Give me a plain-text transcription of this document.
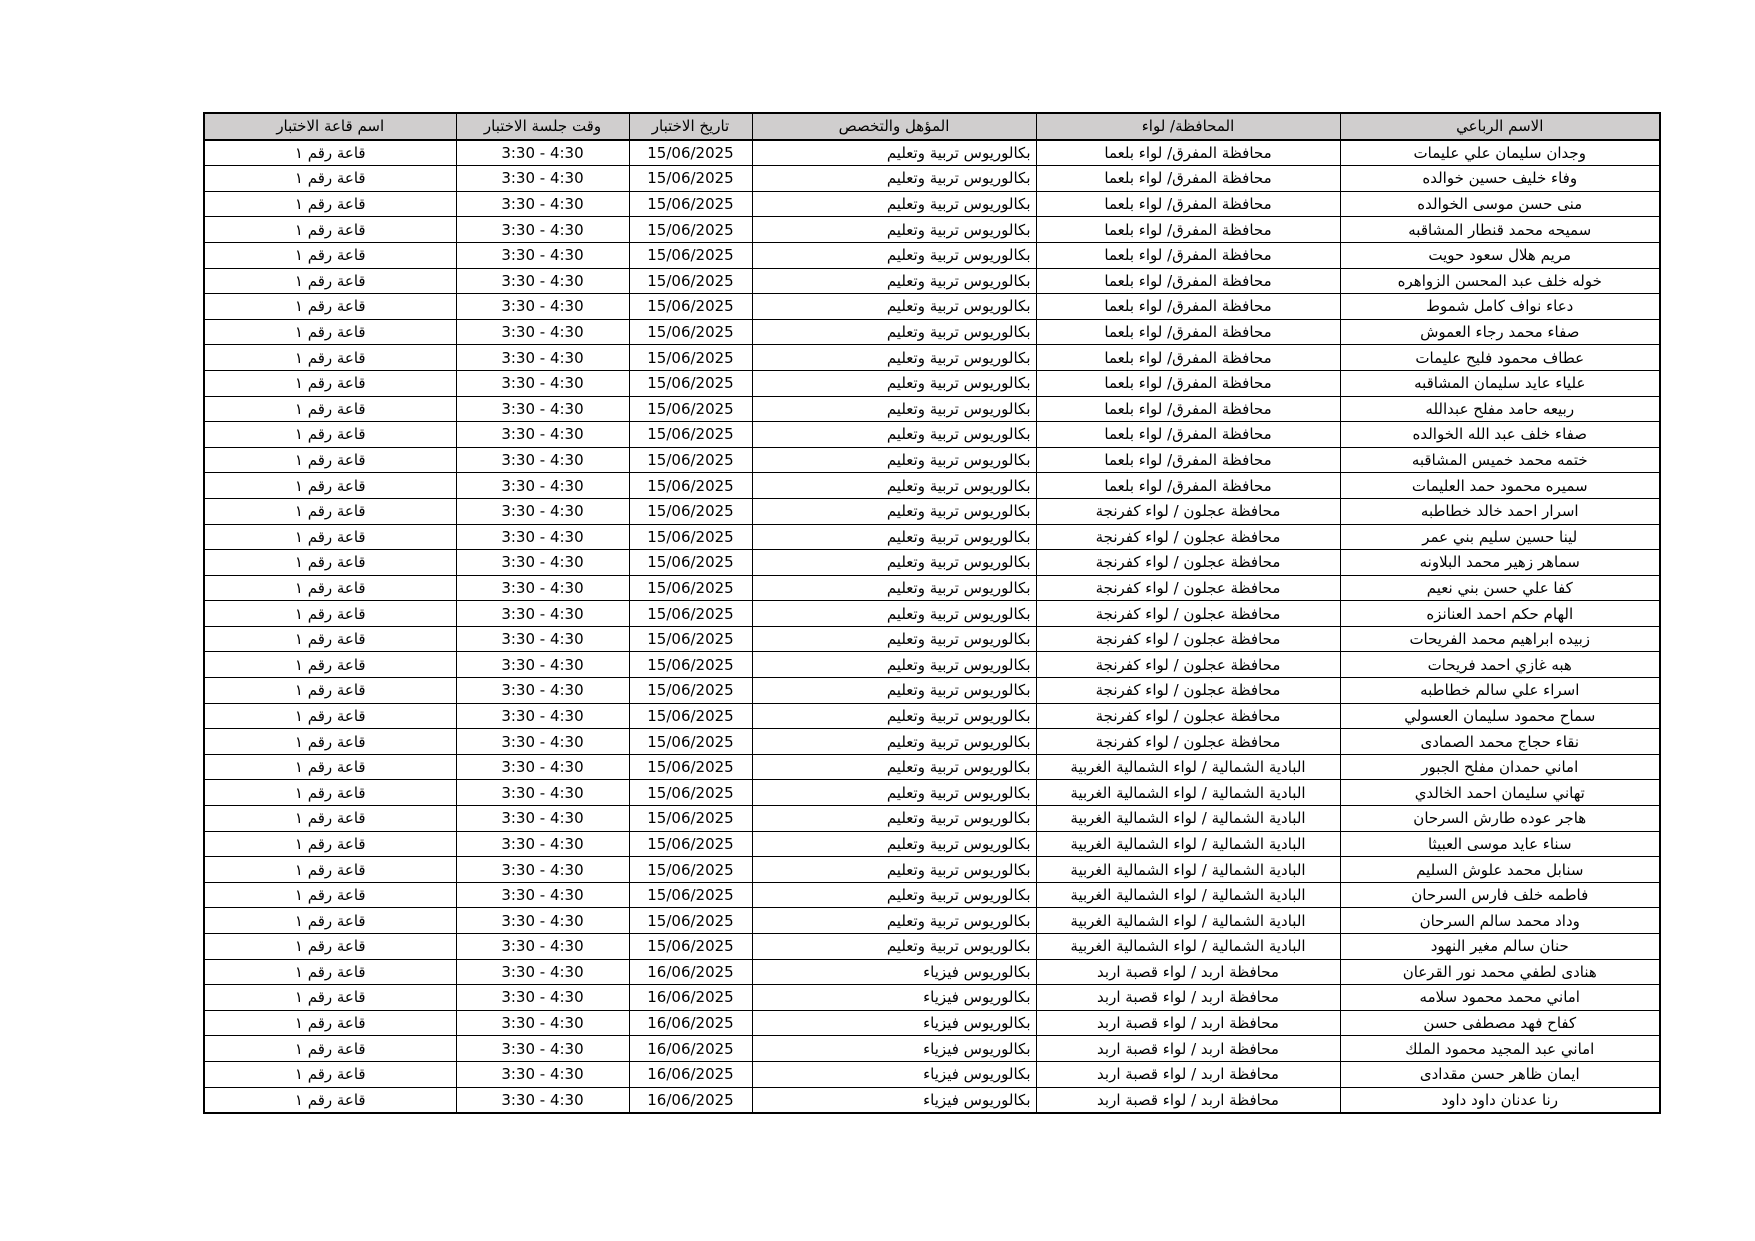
اسم قاعة الاختبار	وقت جلسة الاختبار	تاريخ الاختبار	المؤهل والتخصص	المحافظة/ لواء	الاسم الرباعي
قاعة رقم ١	3:30 - 4:30	15/06/2025	بكالوريوس تربية وتعليم	محافظة المفرق/ لواء بلعما	وجدان سليمان علي عليمات
قاعة رقم ١	3:30 - 4:30	15/06/2025	بكالوريوس تربية وتعليم	محافظة المفرق/ لواء بلعما	وفاء خليف حسين خوالده
قاعة رقم ١	3:30 - 4:30	15/06/2025	بكالوريوس تربية وتعليم	محافظة المفرق/ لواء بلعما	منى حسن موسى الخوالده
قاعة رقم ١	3:30 - 4:30	15/06/2025	بكالوريوس تربية وتعليم	محافظة المفرق/ لواء بلعما	سميحه محمد قنطار المشاقبه
قاعة رقم ١	3:30 - 4:30	15/06/2025	بكالوريوس تربية وتعليم	محافظة المفرق/ لواء بلعما	مريم هلال سعود حويت
قاعة رقم ١	3:30 - 4:30	15/06/2025	بكالوريوس تربية وتعليم	محافظة المفرق/ لواء بلعما	خوله خلف عبد المحسن الزواهره
قاعة رقم ١	3:30 - 4:30	15/06/2025	بكالوريوس تربية وتعليم	محافظة المفرق/ لواء بلعما	دعاء نواف كامل شموط
قاعة رقم ١	3:30 - 4:30	15/06/2025	بكالوريوس تربية وتعليم	محافظة المفرق/ لواء بلعما	صفاء محمد رجاء العموش
قاعة رقم ١	3:30 - 4:30	15/06/2025	بكالوريوس تربية وتعليم	محافظة المفرق/ لواء بلعما	عطاف محمود فليح عليمات
قاعة رقم ١	3:30 - 4:30	15/06/2025	بكالوريوس تربية وتعليم	محافظة المفرق/ لواء بلعما	علياء عايد سليمان المشاقبه
قاعة رقم ١	3:30 - 4:30	15/06/2025	بكالوريوس تربية وتعليم	محافظة المفرق/ لواء بلعما	ربيعه حامد مفلح عبدالله
قاعة رقم ١	3:30 - 4:30	15/06/2025	بكالوريوس تربية وتعليم	محافظة المفرق/ لواء بلعما	صفاء خلف عبد الله الخوالده
قاعة رقم ١	3:30 - 4:30	15/06/2025	بكالوريوس تربية وتعليم	محافظة المفرق/ لواء بلعما	ختمه محمد خميس المشاقبه
قاعة رقم ١	3:30 - 4:30	15/06/2025	بكالوريوس تربية وتعليم	محافظة المفرق/ لواء بلعما	سميره محمود حمد العليمات
قاعة رقم ١	3:30 - 4:30	15/06/2025	بكالوريوس تربية وتعليم	محافظة عجلون / لواء كفرنجة	اسرار احمد خالد خطاطبه
قاعة رقم ١	3:30 - 4:30	15/06/2025	بكالوريوس تربية وتعليم	محافظة عجلون / لواء كفرنجة	لينا حسين سليم بني عمر
قاعة رقم ١	3:30 - 4:30	15/06/2025	بكالوريوس تربية وتعليم	محافظة عجلون / لواء كفرنجة	سماهر زهير محمد البلاونه
قاعة رقم ١	3:30 - 4:30	15/06/2025	بكالوريوس تربية وتعليم	محافظة عجلون / لواء كفرنجة	كفا علي حسن بني نعيم
قاعة رقم ١	3:30 - 4:30	15/06/2025	بكالوريوس تربية وتعليم	محافظة عجلون / لواء كفرنجة	الهام حكم احمد العنانزه
قاعة رقم ١	3:30 - 4:30	15/06/2025	بكالوريوس تربية وتعليم	محافظة عجلون / لواء كفرنجة	زبيده ابراهيم محمد الفريحات
قاعة رقم ١	3:30 - 4:30	15/06/2025	بكالوريوس تربية وتعليم	محافظة عجلون / لواء كفرنجة	هبه غازي احمد فريحات
قاعة رقم ١	3:30 - 4:30	15/06/2025	بكالوريوس تربية وتعليم	محافظة عجلون / لواء كفرنجة	اسراء علي سالم خطاطبه
قاعة رقم ١	3:30 - 4:30	15/06/2025	بكالوريوس تربية وتعليم	محافظة عجلون / لواء كفرنجة	سماح محمود سليمان العسولي
قاعة رقم ١	3:30 - 4:30	15/06/2025	بكالوريوس تربية وتعليم	محافظة عجلون / لواء كفرنجة	نقاء حجاج محمد الصمادى
قاعة رقم ١	3:30 - 4:30	15/06/2025	بكالوريوس تربية وتعليم	البادية الشمالية / لواء الشمالية الغربية	اماني حمدان مفلح الجبور
قاعة رقم ١	3:30 - 4:30	15/06/2025	بكالوريوس تربية وتعليم	البادية الشمالية / لواء الشمالية الغربية	تهاني سليمان احمد الخالدي
قاعة رقم ١	3:30 - 4:30	15/06/2025	بكالوريوس تربية وتعليم	البادية الشمالية / لواء الشمالية الغربية	هاجر عوده طارش السرحان
قاعة رقم ١	3:30 - 4:30	15/06/2025	بكالوريوس تربية وتعليم	البادية الشمالية / لواء الشمالية الغربية	سناء عايد موسى العبيثا
قاعة رقم ١	3:30 - 4:30	15/06/2025	بكالوريوس تربية وتعليم	البادية الشمالية / لواء الشمالية الغربية	سنابل محمد علوش السليم
قاعة رقم ١	3:30 - 4:30	15/06/2025	بكالوريوس تربية وتعليم	البادية الشمالية / لواء الشمالية الغربية	فاطمه خلف فارس السرحان
قاعة رقم ١	3:30 - 4:30	15/06/2025	بكالوريوس تربية وتعليم	البادية الشمالية / لواء الشمالية الغربية	وداد محمد سالم السرحان
قاعة رقم ١	3:30 - 4:30	15/06/2025	بكالوريوس تربية وتعليم	البادية الشمالية / لواء الشمالية الغربية	حنان سالم مغير النهود
قاعة رقم ١	3:30 - 4:30	16/06/2025	بكالوريوس فيزياء	محافظة اربد / لواء قصبة اربد	هنادى لطفي محمد نور القرعان
قاعة رقم ١	3:30 - 4:30	16/06/2025	بكالوريوس فيزياء	محافظة اربد / لواء قصبة اربد	اماني محمد محمود سلامه
قاعة رقم ١	3:30 - 4:30	16/06/2025	بكالوريوس فيزياء	محافظة اربد / لواء قصبة اربد	كفاح فهد مصطفى حسن
قاعة رقم ١	3:30 - 4:30	16/06/2025	بكالوريوس فيزياء	محافظة اربد / لواء قصبة اربد	اماني عبد المجيد محمود الملك
قاعة رقم ١	3:30 - 4:30	16/06/2025	بكالوريوس فيزياء	محافظة اربد / لواء قصبة اربد	ايمان ظاهر حسن مقدادى
قاعة رقم ١	3:30 - 4:30	16/06/2025	بكالوريوس فيزياء	محافظة اربد / لواء قصبة اربد	رنا عدنان داود داود
